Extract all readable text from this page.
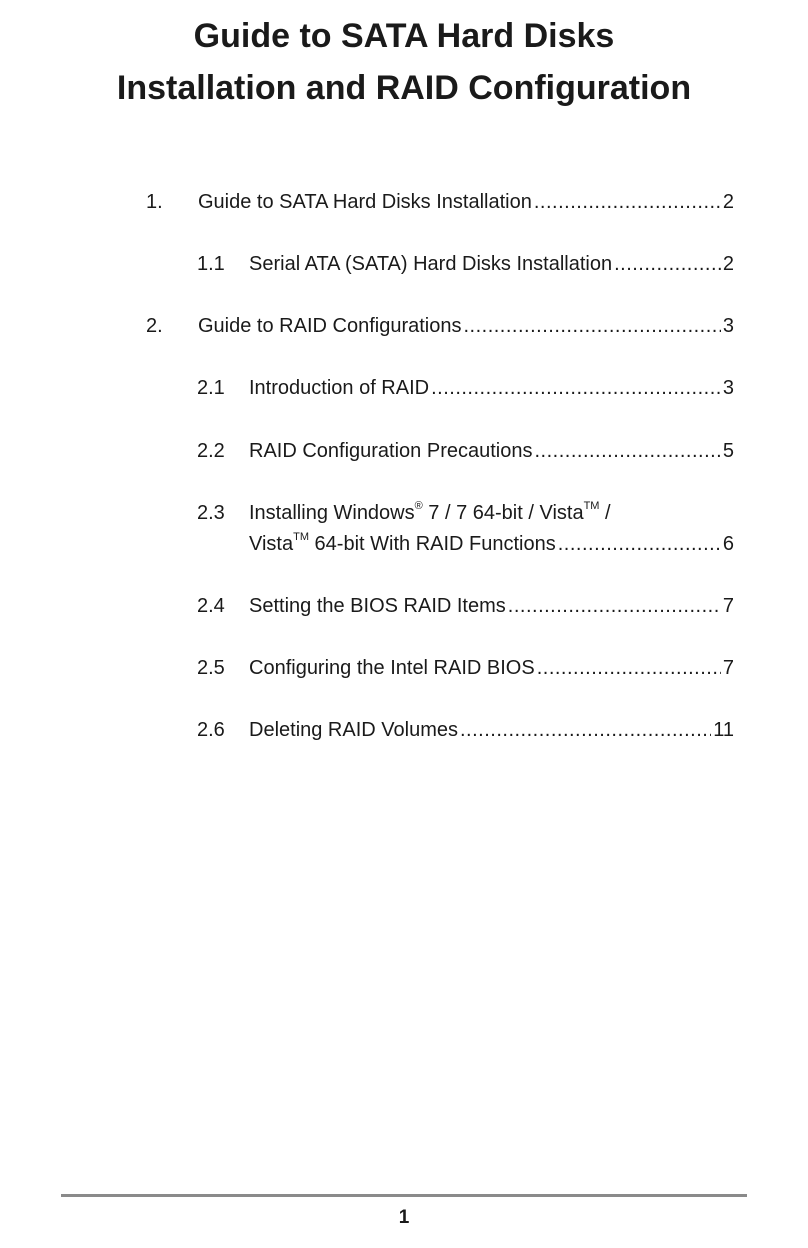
Guide to SATA Hard Disks
Installation and RAID Configuration
1. Guide to SATA Hard Disks Installation .....	2
1.1 Serial ATA (SATA) Hard Disks Installation .....	2
2. Guide to RAID Configurations .....	3
2.1 Introduction of RAID .....	3
2.2 RAID Configuration Precautions .....	5
2.3 Installing Windows® 7 / 7 64-bit / Vista™ /
Vista™ 64-bit With RAID Functions .....	6
2.4 Setting the BIOS RAID Items .....	7
2.5 Configuring the Intel RAID BIOS .....	7
2.6 Deleting RAID Volumes .....	11
1
